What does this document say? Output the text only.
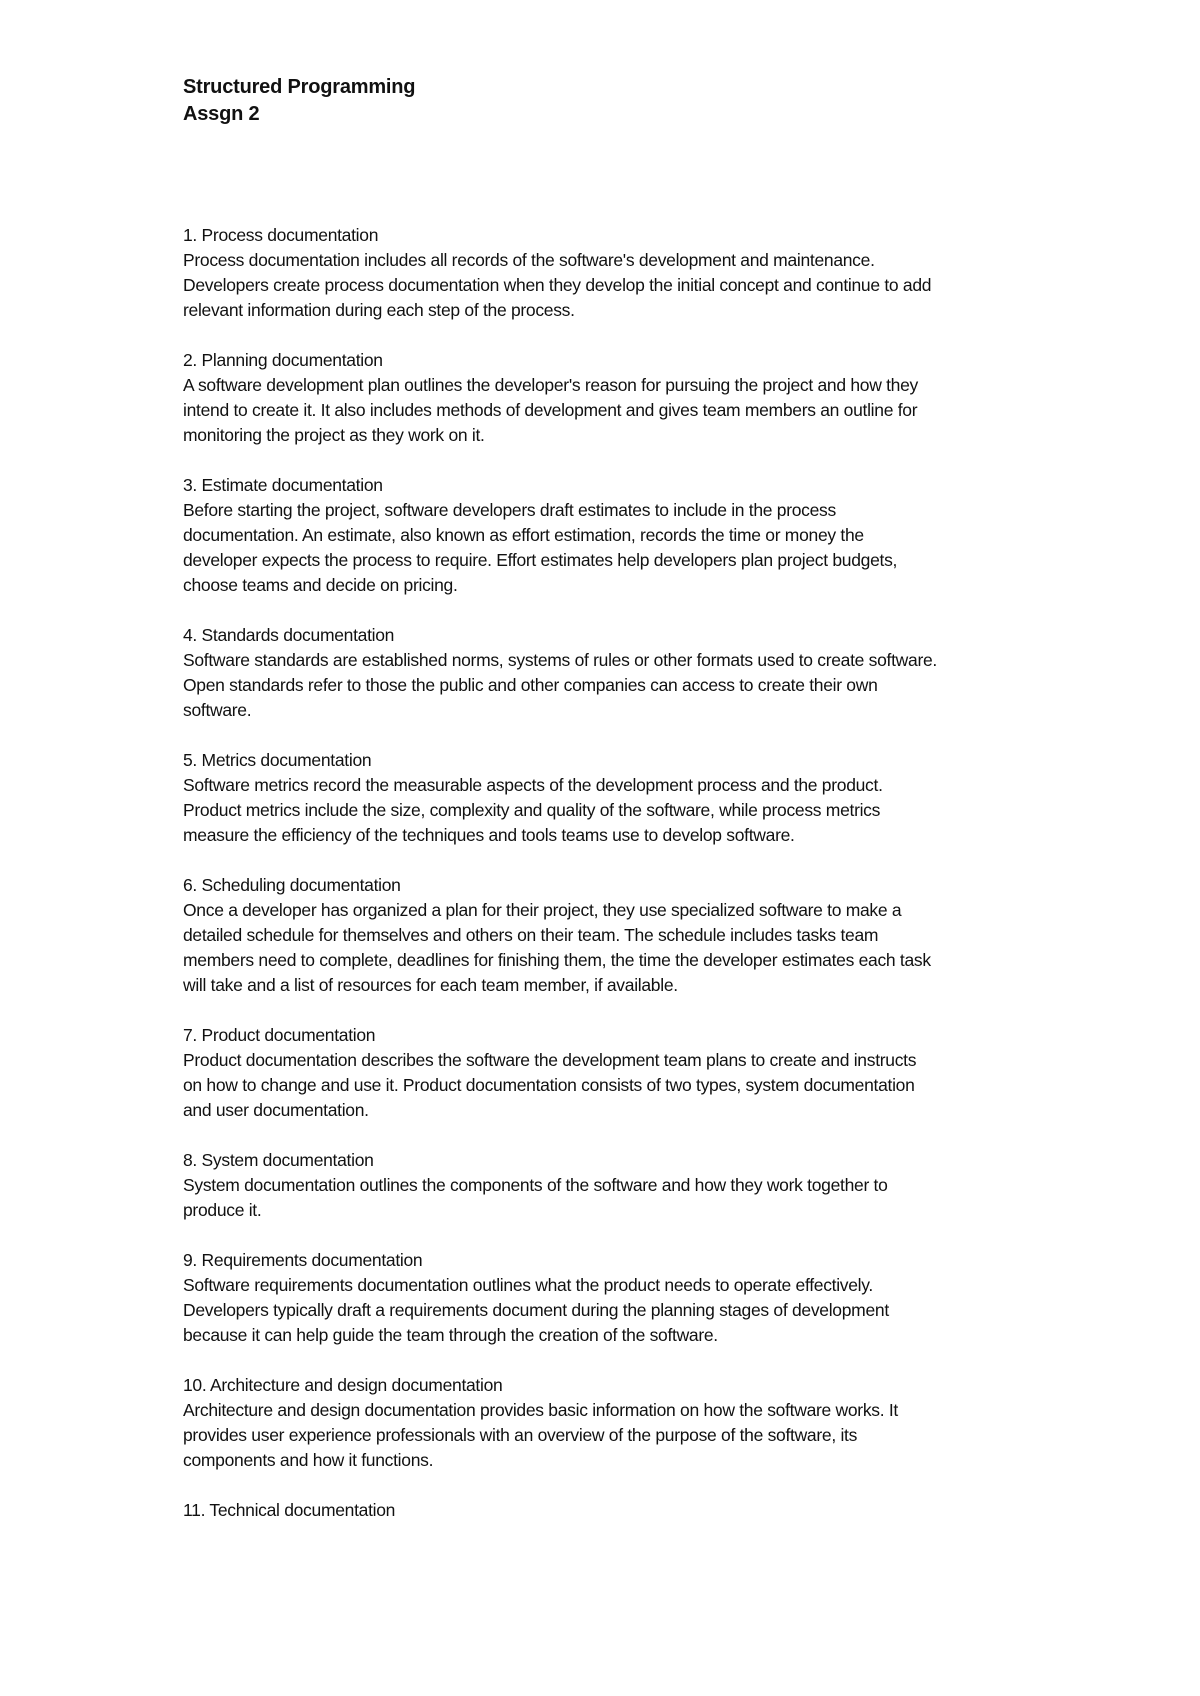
Structured Programming
Assgn 2
1. Process documentation
Process documentation includes all records of the software's development and maintenance.
Developers create process documentation when they develop the initial concept and continue to add
relevant information during each step of the process.
2. Planning documentation
A software development plan outlines the developer's reason for pursuing the project and how they
intend to create it. It also includes methods of development and gives team members an outline for
monitoring the project as they work on it.
3. Estimate documentation
Before starting the project, software developers draft estimates to include in the process
documentation. An estimate, also known as effort estimation, records the time or money the
developer expects the process to require. Effort estimates help developers plan project budgets,
choose teams and decide on pricing.
4. Standards documentation
Software standards are established norms, systems of rules or other formats used to create software.
Open standards refer to those the public and other companies can access to create their own
software.
5. Metrics documentation
Software metrics record the measurable aspects of the development process and the product.
Product metrics include the size, complexity and quality of the software, while process metrics
measure the efficiency of the techniques and tools teams use to develop software.
6. Scheduling documentation
Once a developer has organized a plan for their project, they use specialized software to make a
detailed schedule for themselves and others on their team. The schedule includes tasks team
members need to complete, deadlines for finishing them, the time the developer estimates each task
will take and a list of resources for each team member, if available.
7. Product documentation
Product documentation describes the software the development team plans to create and instructs
on how to change and use it. Product documentation consists of two types, system documentation
and user documentation.
8. System documentation
System documentation outlines the components of the software and how they work together to
produce it.
9. Requirements documentation
Software requirements documentation outlines what the product needs to operate effectively.
Developers typically draft a requirements document during the planning stages of development
because it can help guide the team through the creation of the software.
10. Architecture and design documentation
Architecture and design documentation provides basic information on how the software works. It
provides user experience professionals with an overview of the purpose of the software, its
components and how it functions.
11. Technical documentation
